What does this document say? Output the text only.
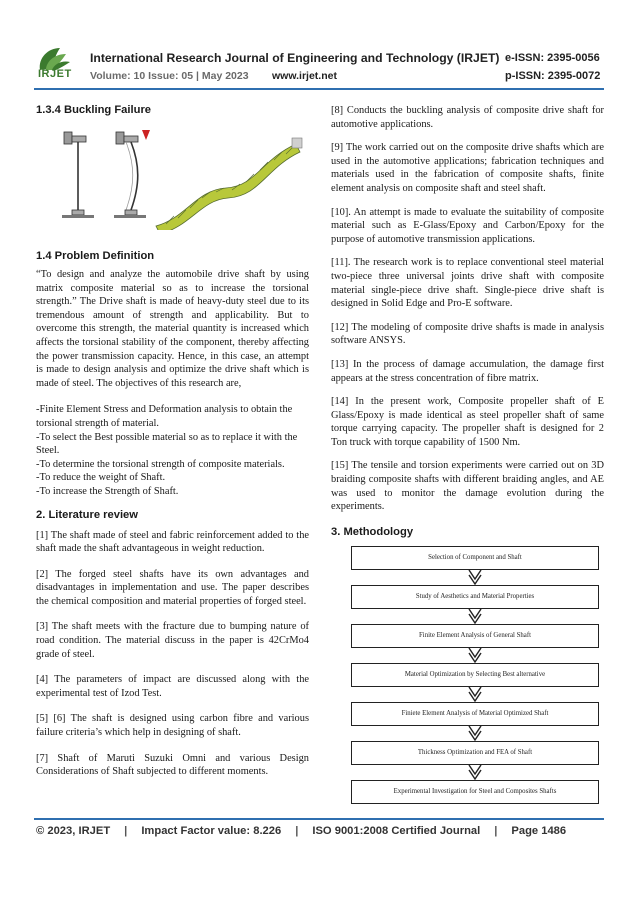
IRJET
International Research Journal of Engineering and Technology (IRJET) e-ISSN: 2395-0056
Volume: 10 Issue: 05 | May 2023 www.irjet.net	p-ISSN: 2395-0072
1.3.4 Buckling Failure
1.4 Problem Definition

“To design and analyze the automobile drive shaft by using matrix composite material so as to increase the torsional strength.” The Drive shaft is made of heavy-duty steel due to its tremendous amount of strength and applicability. But to overcome this strength, the material quantity is increased which affects the torsional stability of the component, thereby affecting the power transmission capacity. Hence, in this case, an attempt is made to design analysis and optimize the drive shaft which is made of steel. The objectives of this research are,

-Finite Element Stress and Deformation analysis to obtain the torsional strength of material.

-To select the Best possible material so as to replace it with the Steel.

-To determine the torsional strength of composite materials.

-To reduce the weight of Shaft.

-To increase the Strength of Shaft.

2. Literature review

[1] The shaft made of steel and fabric reinforcement added to the shaft made the shaft advantageous in weight reduction.

[2] The forged steel shafts have its own advantages and disadvantages in implementation and use. The paper describes the chemical composition and material properties of forged steel.

[3] The shaft meets with the fracture due to bumping nature of road condition. The material discuss in the paper is 42CrMo4 grade of steel.

[4] The parameters of impact are discussed along with the experimental test of Izod Test.

[5] [6] The shaft is designed using carbon fibre and various failure criteria’s which help in designing of shaft.

[7] Shaft of Maruti Suzuki Omni and various Design Considerations of Shaft subjected to different moments.

[8] Conducts the buckling analysis of composite drive shaft for automotive applications.

[9] The work carried out on the composite drive shafts which are used in the automotive applications; fabrication techniques and materials used in the fabrication of composite shafts, finite element analysis on composite shaft and steel shaft.

[10]. An attempt is made to evaluate the suitability of composite material such as E-Glass/Epoxy and Carbon/Epoxy for the purpose of automotive transmission applications.

[11]. The research work is to replace conventional steel material two-piece three universal joints drive shaft with composite material single-piece drive shaft. Single-piece drive shaft is designed in Solid Edge and Pro-E software.

[12] The modeling of composite drive shafts is made in analysis software ANSYS.

[13] In the process of damage accumulation, the damage first appears at the stress concentration of fibre matrix.

[14] In the present work, Composite propeller shaft of E Glass/Epoxy is made identical as steel propeller shaft of same torque carrying capacity. The propeller shaft is designed for 2 Ton truck with torque capability of 1500 Nm.

[15] The tensile and torsion experiments were carried out on 3D braiding composite shafts with different braiding angles, and AE was used to monitor the damage evolution during the experiments.

3. Methodology
Selection of Component and Shaft
Study of Aesthetics and Material Properties
Finite Element Analysis of General Shaft
Material Optimization by Selecting Best alternative
Finiete Element Analysis of Material Optimized Shaft
Thickness Optimization and FEA of Shaft
Experimental Investigation for Steel and Composites Shafts
© 2023, IRJET | Impact Factor value: 8.226 | ISO 9001:2008 Certified Journal | Page 1486
